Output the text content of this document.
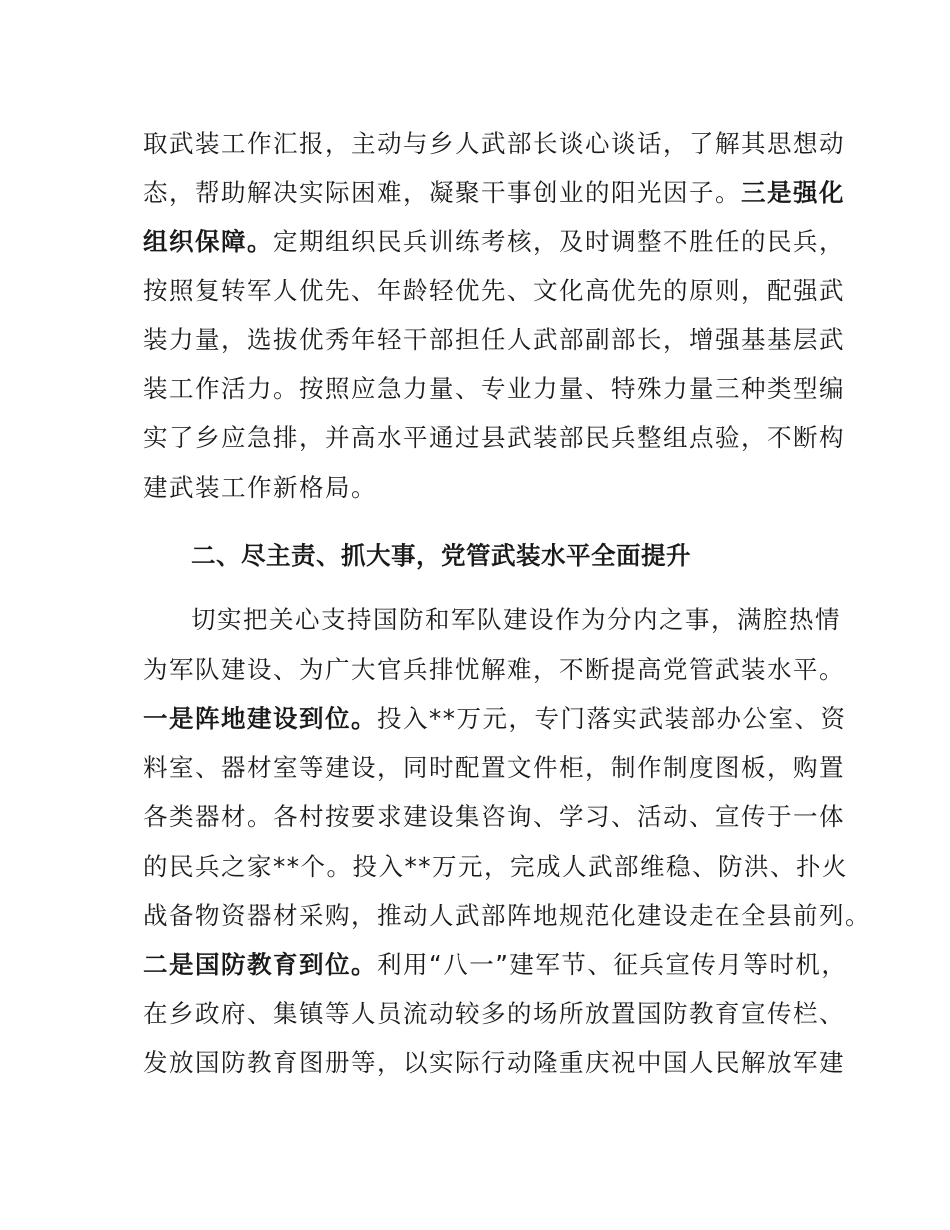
取武装工作汇报，主动与乡人武部长谈心谈话，了解其思想动
态，帮助解决实际困难，凝聚干事创业的阳光因子。三是强化
组织保障。定期组织民兵训练考核，及时调整不胜任的民兵，
按照复转军人优先、年龄轻优先、文化高优先的原则，配强武
装力量，选拔优秀年轻干部担任人武部副部长，增强基基层武
装工作活力。按照应急力量、专业力量、特殊力量三种类型编
实了乡应急排，并高水平通过县武装部民兵整组点验，不断构
建武装工作新格局。
二、尽主责、抓大事，党管武装水平全面提升
切实把关心支持国防和军队建设作为分内之事，满腔热情
为军队建设、为广大官兵排忧解难，不断提高党管武装水平。
一是阵地建设到位。投入**万元，专门落实武装部办公室、资
料室、器材室等建设，同时配置文件柜，制作制度图板，购置
各类器材。各村按要求建设集咨询、学习、活动、宣传于一体
的民兵之家**个。投入**万元，完成人武部维稳、防洪、扑火
战备物资器材采购，推动人武部阵地规范化建设走在全县前列。
二是国防教育到位。利用“八一”建军节、征兵宣传月等时机，
在乡政府、集镇等人员流动较多的场所放置国防教育宣传栏、
发放国防教育图册等，以实际行动隆重庆祝中国人民解放军建
